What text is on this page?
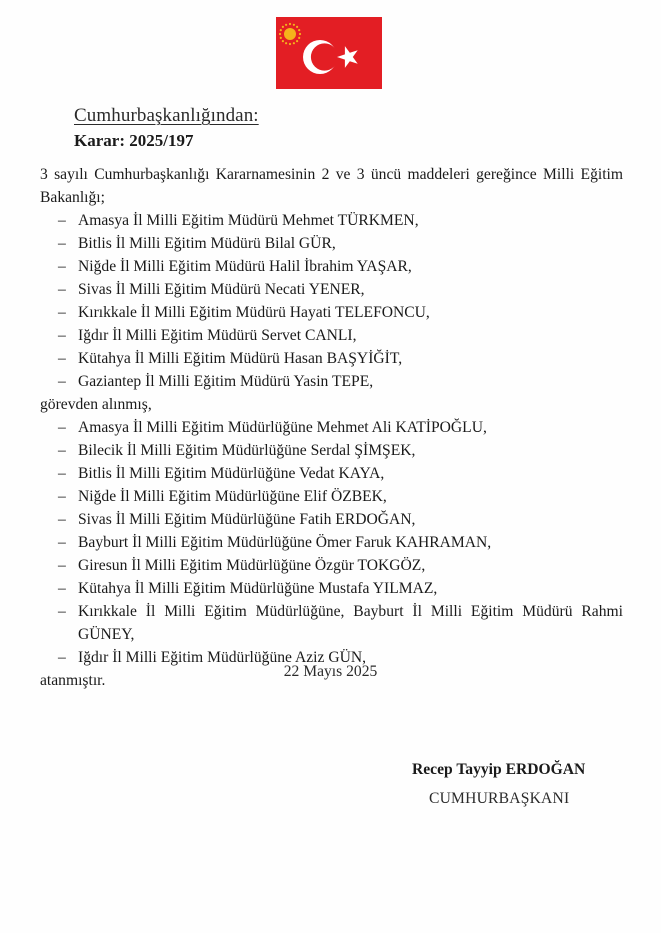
Cumhurbaşkanlığından:
Karar: 2025/197
3 sayılı Cumhurbaşkanlığı Kararnamesinin 2 ve 3 üncü maddeleri gereğince Milli Eğitim
Bakanlığı;
– Amasya İl Milli Eğitim Müdürü Mehmet TÜRKMEN,
– Bitlis İl Milli Eğitim Müdürü Bilal GÜR,
– Niğde İl Milli Eğitim Müdürü Halil İbrahim YAŞAR,
– Sivas İl Milli Eğitim Müdürü Necati YENER,
– Kırıkkale İl Milli Eğitim Müdürü Hayati TELEFONCU,
– Iğdır İl Milli Eğitim Müdürü Servet CANLI,
– Kütahya İl Milli Eğitim Müdürü Hasan BAŞYİĞİT,
– Gaziantep İl Milli Eğitim Müdürü Yasin TEPE,
görevden alınmış,
– Amasya İl Milli Eğitim Müdürlüğüne Mehmet Ali KATİPOĞLU,
– Bilecik İl Milli Eğitim Müdürlüğüne Serdal ŞİMŞEK,
– Bitlis İl Milli Eğitim Müdürlüğüne Vedat KAYA,
– Niğde İl Milli Eğitim Müdürlüğüne Elif ÖZBEK,
– Sivas İl Milli Eğitim Müdürlüğüne Fatih ERDOĞAN,
– Bayburt İl Milli Eğitim Müdürlüğüne Ömer Faruk KAHRAMAN,
– Giresun İl Milli Eğitim Müdürlüğüne Özgür TOKGÖZ,
– Kütahya İl Milli Eğitim Müdürlüğüne Mustafa YILMAZ,
– Kırıkkale İl Milli Eğitim Müdürlüğüne, Bayburt İl Milli Eğitim Müdürü Rahmi GÜNEY,
– Iğdır İl Milli Eğitim Müdürlüğüne Aziz GÜN,
atanmıştır.
22 Mayıs 2025
Recep Tayyip ERDOĞAN
CUMHURBAŞKANI
